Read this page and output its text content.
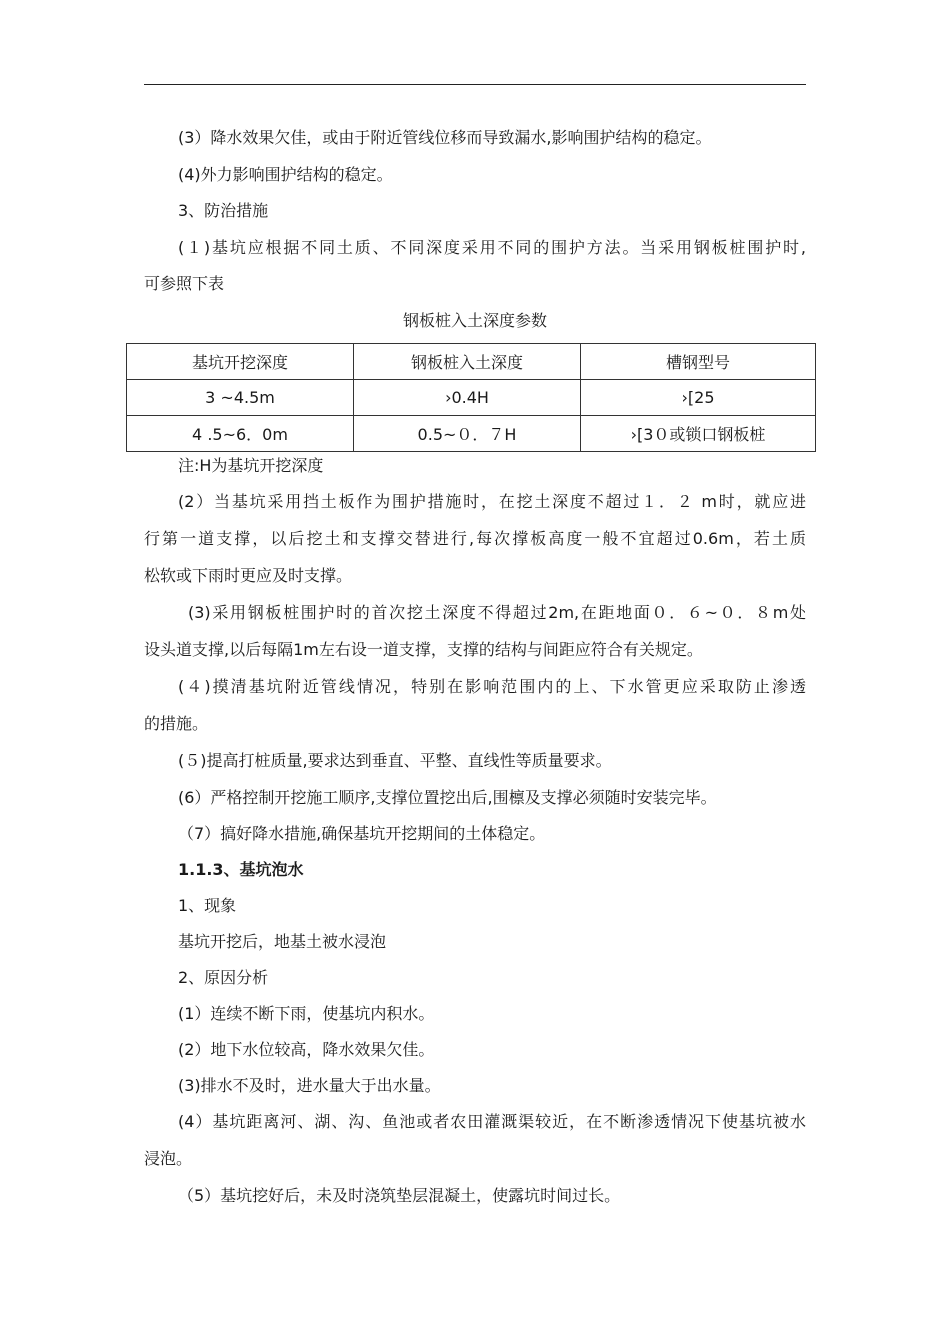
(3）降水效果欠佳，或由于附近管线位移而导致漏水,影响围护结构的稳定。
(4)外力影响围护结构的稳定。
3、防治措施
(１)基坑应根据不同土质、不同深度采用不同的围护方法。当采用钢板桩围护时,
可参照下表
钢板桩入土深度参数
基坑开挖深度	钢板桩入土深度	槽钢型号
3 ~4.5m	›0.4H	›[25
4 .5~6．0m	0.5~０．７H	›[3０或锁口钢板桩
注:H为基坑开挖深度
(2）当基坑采用挡土板作为围护措施时，在挖土深度不超过１．２ m时，就应进
行第一道支撑，以后挖土和支撑交替进行,每次撑板高度一般不宜超过0.6m，若土质
松软或下雨时更应及时支撑。
(3)采用钢板桩围护时的首次挖土深度不得超过2m,在距地面０．６~０．８m处
设头道支撑,以后每隔1m左右设一道支撑，支撑的结构与间距应符合有关规定。
(４)摸清基坑附近管线情况，特别在影响范围内的上、下水管更应采取防止渗透
的措施。
(５)提高打桩质量,要求达到垂直、平整、直线性等质量要求。
(6）严格控制开挖施工顺序,支撑位置挖出后,围檩及支撑必须随时安装完毕。
（7）搞好降水措施,确保基坑开挖期间的土体稳定。
1.1.3、基坑泡水
1、现象
基坑开挖后，地基土被水浸泡
2、原因分析
(1）连续不断下雨，使基坑内积水。
(2）地下水位较高，降水效果欠佳。
(3)排水不及时，进水量大于出水量。
(4）基坑距离河、湖、沟、鱼池或者农田灌溉渠较近，在不断渗透情况下使基坑被水
浸泡。
（5）基坑挖好后，未及时浇筑垫层混凝土，使露坑时间过长。
